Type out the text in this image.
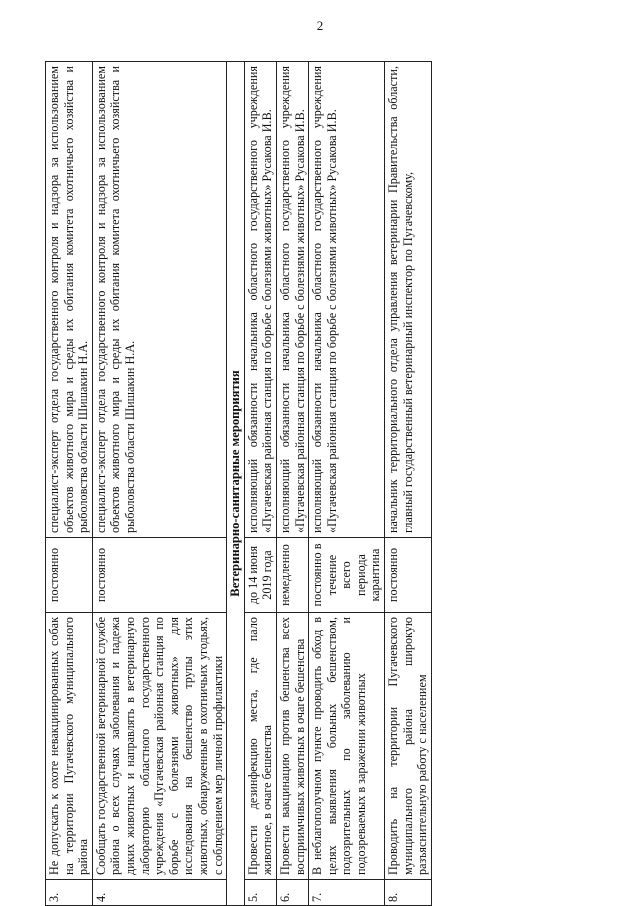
2
3.	Не допускать к охоте невакцинированных собак на территории Пугачевского муниципального района	постоянно	специалист-эксперт отдела государственного контроля и надзора за использованием объектов животного мира и среды их обитания комитета охотничьего хозяйства и рыболовства области Шишакин Н.А.
4.	Сообщать государственной ветеринарной службе района о всех случаях заболевания и падежа диких животных и направлять в ветеринарную лабораторию областного государственного учреждения «Пугачевская районная станция по борьбе с болезнями животных» для исследования на бешенство трупы этих животных, обнаруженные в охотничьих угодьях, с соблюдением мер личной профилактики	постоянно	специалист-эксперт отдела государственного контроля и надзора за использованием объектов животного мира и среды их обитания комитета охотничьего хозяйства и рыболовства области Шишакин Н.А.
Ветеринарно-санитарные мероприятия			
5.	Провести дезинфекцию места, где пало животное, в очаге бешенства	до 14 июня 2019 года	исполняющий обязанности начальника областного государственного учреждения «Пугачевская районная станция по борьбе с болезнями животных» Русакова И.В.
6.	Провести вакцинацию против бешенства всех восприимчивых животных в очаге бешенства	немедленно	исполняющий обязанности начальника областного государственного учреждения «Пугачевская районная станция по борьбе с болезнями животных» Русакова И.В.
7.	В неблагополучном пункте проводить обход в целях выявления больных бешенством, подозрительных по заболеванию и подозреваемых в заражении животных	постоянно в течение всего периода карантина	исполняющий обязанности начальника областного государственного учреждения «Пугачевская районная станция по борьбе с болезнями животных» Русакова И.В.
8.	Проводить на территории Пугачевского муниципального района широкую разъяснительную работу с населением	постоянно	начальник территориального отдела управления ветеринарии Правительства области, главный государственный ветеринарный инспектор по Пугачевскому,
